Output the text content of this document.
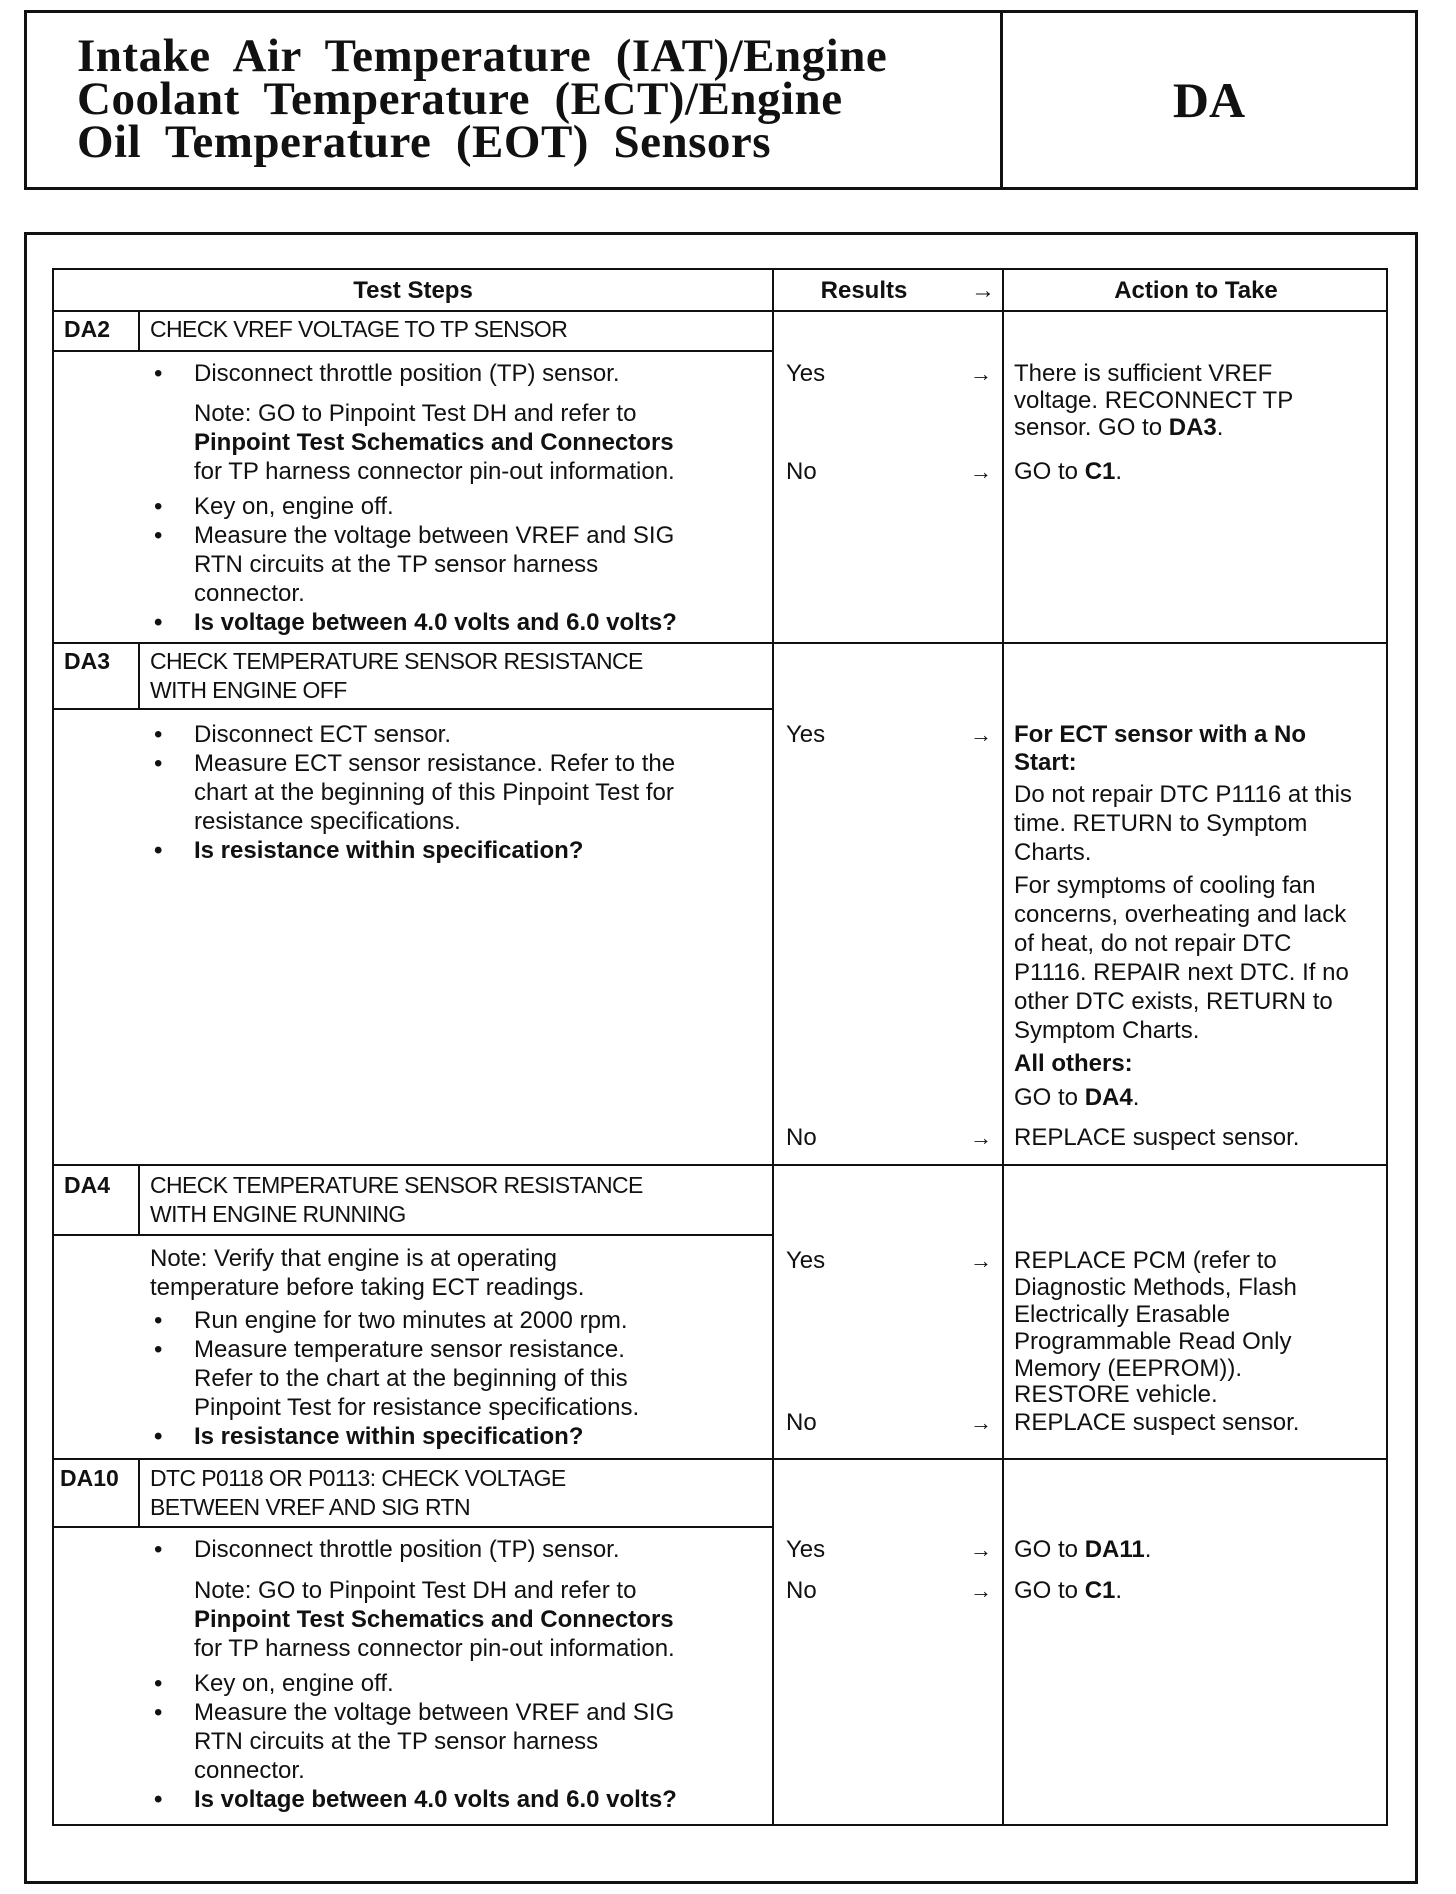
Intake  Air  Temperature  (IAT)/Engine
Coolant  Temperature  (ECT)/Engine
Oil  Temperature  (EOT)  Sensors
DA
Test Steps	Results	→	Action to Take
DA2 CHECK VREF VOLTAGE TO TP SENSOR
• Disconnect throttle position (TP) sensor.
Note: GO to Pinpoint Test DH and refer to
Pinpoint Test Schematics and Connectors
for TP harness connector pin-out information.
• Key on, engine off.
• Measure the voltage between VREF and SIG
RTN circuits at the TP sensor harness
connector.
• Is voltage between 4.0 volts and 6.0 volts?
Yes	→ There is sufficient VREF
voltage. RECONNECT TP
sensor. GO to DA3.
No	→ GO to C1.
DA3 CHECK TEMPERATURE SENSOR RESISTANCE
WITH ENGINE OFF
• Disconnect ECT sensor.
• Measure ECT sensor resistance. Refer to the
chart at the beginning of this Pinpoint Test for
resistance specifications.
• Is resistance within specification?
Yes	→ For ECT sensor with a No
Start:
Do not repair DTC P1116 at this
time. RETURN to Symptom
Charts.
For symptoms of cooling fan
concerns, overheating and lack
of heat, do not repair DTC
P1116. REPAIR next DTC. If no
other DTC exists, RETURN to
Symptom Charts.
All others:
GO to DA4.
No	→ REPLACE suspect sensor.
DA4 CHECK TEMPERATURE SENSOR RESISTANCE
WITH ENGINE RUNNING
Note: Verify that engine is at operating
temperature before taking ECT readings.
• Run engine for two minutes at 2000 rpm.
• Measure temperature sensor resistance.
Refer to the chart at the beginning of this
Pinpoint Test for resistance specifications.
• Is resistance within specification?
Yes	→ REPLACE PCM (refer to
Diagnostic Methods, Flash
Electrically Erasable
Programmable Read Only
Memory (EEPROM)).
RESTORE vehicle.
No	→ REPLACE suspect sensor.
DA10 DTC P0118 OR P0113: CHECK VOLTAGE
BETWEEN VREF AND SIG RTN
• Disconnect throttle position (TP) sensor.
Note: GO to Pinpoint Test DH and refer to
Pinpoint Test Schematics and Connectors
for TP harness connector pin-out information.
• Key on, engine off.
• Measure the voltage between VREF and SIG
RTN circuits at the TP sensor harness
connector.
• Is voltage between 4.0 volts and 6.0 volts?
Yes	→ GO to DA11.
No	→ GO to C1.
